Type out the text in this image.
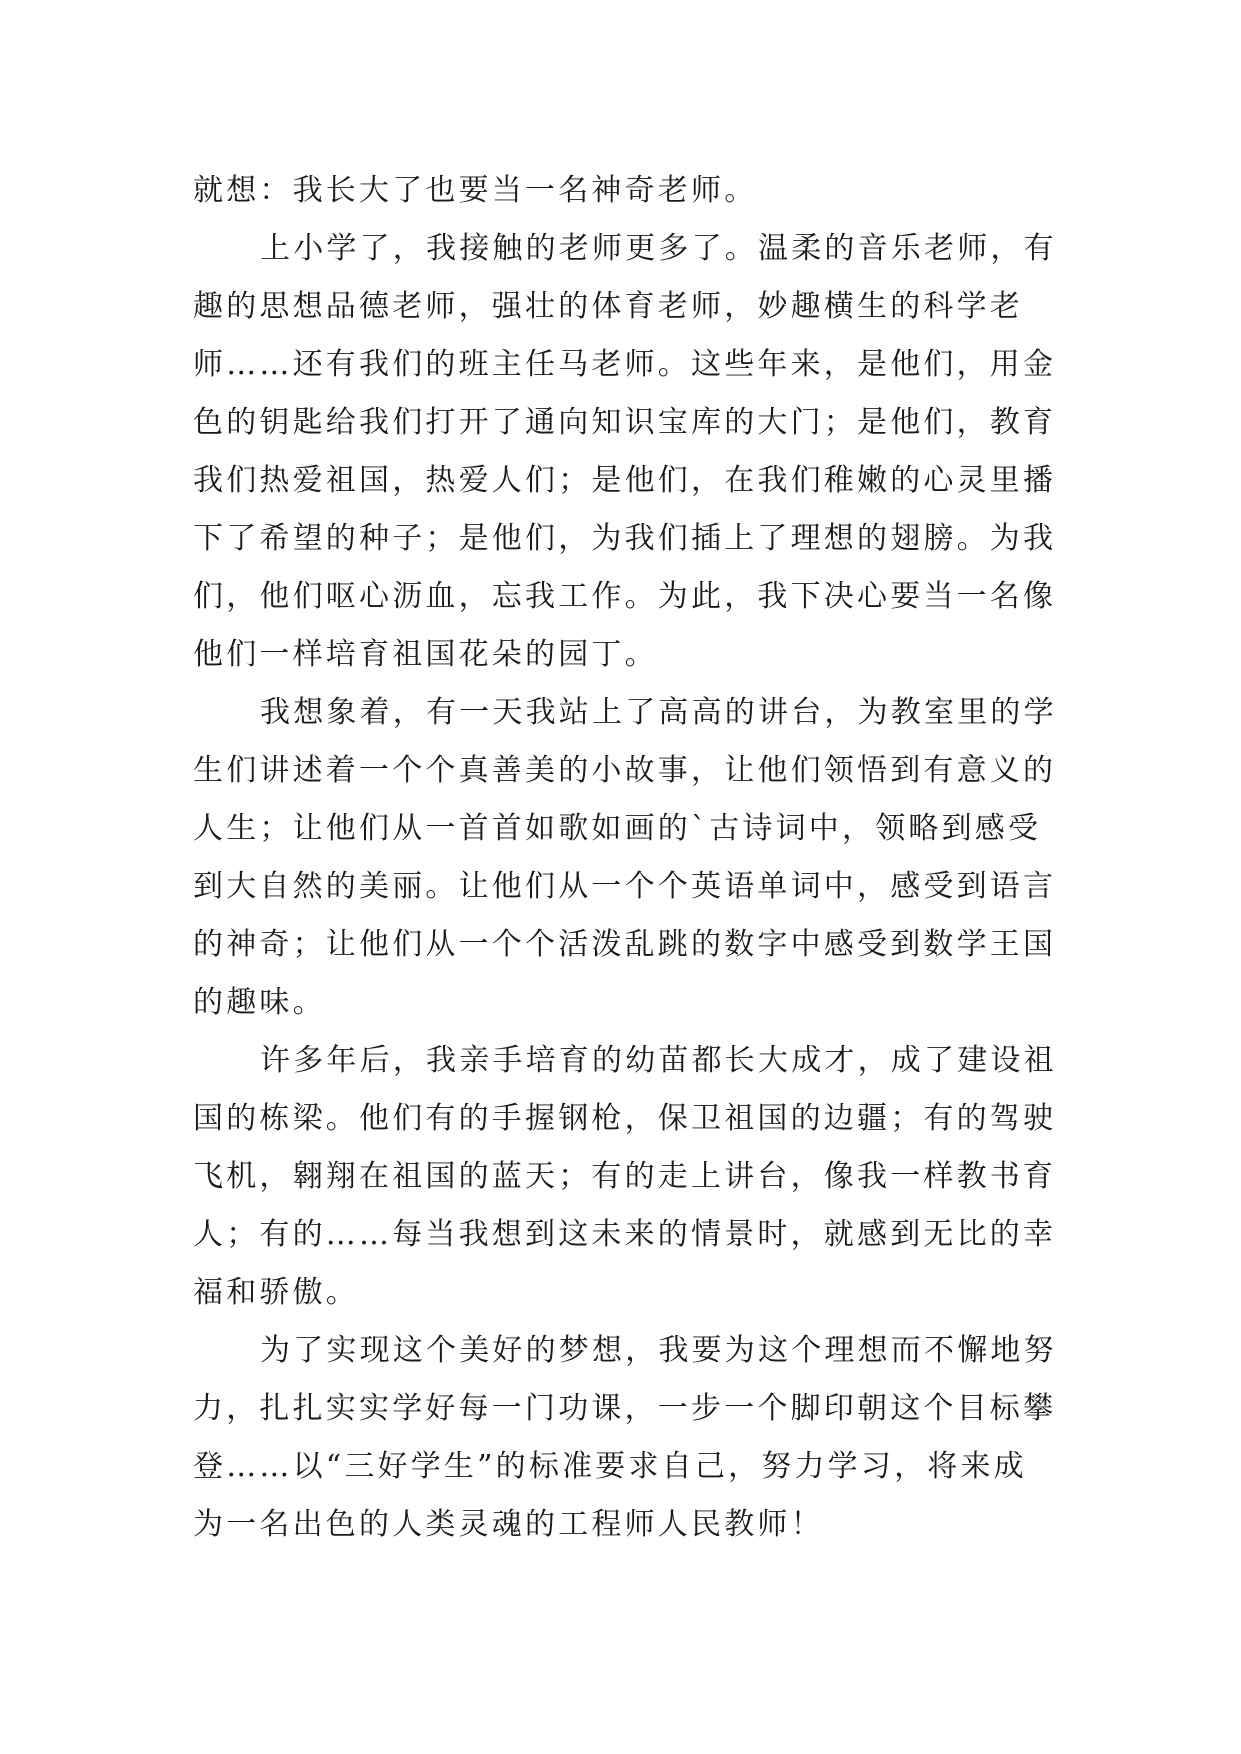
就想：我长大了也要当一名神奇老师。
上小学了，我接触的老师更多了。温柔的音乐老师，有
趣的思想品德老师，强壮的体育老师，妙趣横生的科学老
师……还有我们的班主任马老师。这些年来，是他们，用金
色的钥匙给我们打开了通向知识宝库的大门；是他们，教育
我们热爱祖国，热爱人们；是他们，在我们稚嫩的心灵里播
下了希望的种子；是他们，为我们插上了理想的翅膀。为我
们，他们呕心沥血，忘我工作。为此，我下决心要当一名像
他们一样培育祖国花朵的园丁。
我想象着，有一天我站上了高高的讲台，为教室里的学
生们讲述着一个个真善美的小故事，让他们领悟到有意义的
人生；让他们从一首首如歌如画的`古诗词中，领略到感受
到大自然的美丽。让他们从一个个英语单词中，感受到语言
的神奇；让他们从一个个活泼乱跳的数字中感受到数学王国
的趣味。
许多年后，我亲手培育的幼苗都长大成才，成了建设祖
国的栋梁。他们有的手握钢枪，保卫祖国的边疆；有的驾驶
飞机，翱翔在祖国的蓝天；有的走上讲台，像我一样教书育
人；有的……每当我想到这未来的情景时，就感到无比的幸
福和骄傲。
为了实现这个美好的梦想，我要为这个理想而不懈地努
力，扎扎实实学好每一门功课，一步一个脚印朝这个目标攀
登……以“三好学生”的标准要求自己，努力学习，将来成
为一名出色的人类灵魂的工程师人民教师！
